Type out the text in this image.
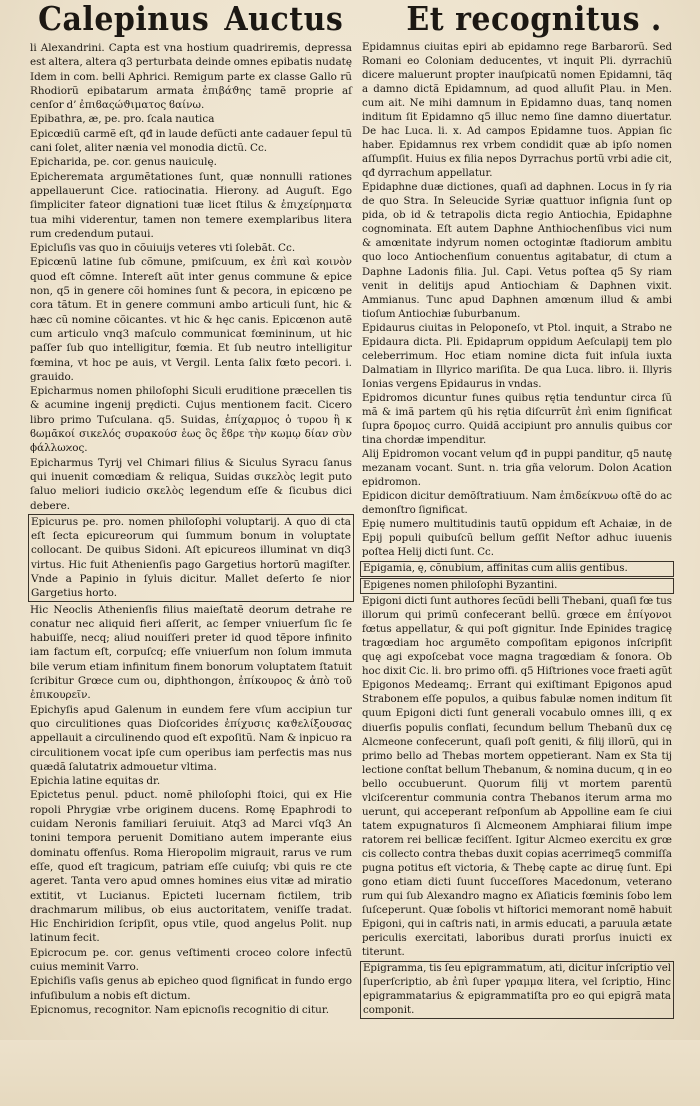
Calepinus Auctus Et recognitus .

li Alexandrini. Capta est vna hostium quadriremis, depressa est altera, altera q3 perturbata deinde omnes epibatis nudatę Idem in com. belli Aphrici. Remigum parte ex classe Gallo rũ Rhodiorũ epibatarum armata ἐπιβάϑης tamẽ proprie aſ cenſor d’ ἐπιϐαςώϑιματος ϐαίνω.

Epibathra, æ, pe. pro. ſcala nautica

Epicœdiũ carmẽ eſt, qđ in laude defũcti ante cadauer ſepul tũ cani ſolet, aliter nænia vel monodia dictũ. Cc.

Epicharida, pe. cor. genus nauiculę.

Epicheremata argumẽtationes ſunt, quæ nonnulli rationes appellauerunt Cice. ratiocinatia. Hierony. ad Auguſt. Ego ſimpliciter fateor dignationi tuæ licet ſtilus & ἐπιχείρηματα tua mihi viderentur, tamen non temere exemplaribus litera rum credendum putaui.

Epicluſis vas quo in cõuiuijs veteres vti ſolebãt. Cc.

Epicœnũ latine ſub cõmune, pmiſcuum, ex ἐπὶ καὶ κοινὸν quod eſt cõmne. Intereſt aũt inter genus commune & epice non, q5 in genere cõi homines ſunt & pecora, in epicœno pe cora tãtum. Et in genere communi ambo articuli ſunt, hic & hæc cũ nomine cõicantes. vt hic & hęc canis. Epicœnon autẽ cum articulo vnq3 maſculo communicat fœmininum, ut hic paſſer ſub quo intelligitur, fœmia. Et ſub neutro intelligitur fœmina, vt hoc pe auis, vt Vergil. Lenta ſalix fœto pecori. i. grauido.

Epicharmus nomen philoſophi Siculi eruditione præcellen tis & acumine ingenij prędicti. Cujus mentionem facit. Cicero libro primo Tuſculana. q5. Suidas, ἐπίχαρμος ὁ τυρου ἢ κ ϐωμᾶκοί σικελός συρακούσ ἑως ὃς ἔϐρε τὴν κωμῳ δίαν σὺν ϕάλλωϰος.

Epicharmus Tyrij vel Chimari filius & Siculus Syracu ſanus qui inuenit comœdiam & reliqua, Suidas σικελὸς legit puto ſaluo meliori iudicio σκελὸς legendum eſſe & ſicubus dici debere.

Epicurus pe. pro. nomen philoſophi voluptarij. A quo di cta eſt ſecta epicureorum qui ſummum bonum in voluptate collocant. De quibus Sidoni. Aſt epicureos illuminat vn diq3 virtus. Hic fuit Athenienſis pago Gargetius hortorũ magiſter. Vnde a Papinio in ſyluis dicitur. Mallet deſerto ſe nior Gargetius horto.

Hic Neoclis Athenienſis filius maieſtatẽ deorum detrahe re conatur nec aliquid fieri aſſerit, ac ſemper vniuerſum ſic ſe habuiſſe, necq; aliud nouiſſeri preter id quod tẽpore infinito iam factum eſt, corpuſcq; eſſe vniuerſum non ſolum immuta bile verum etiam infinitum finem bonorum voluptatem ſtatuit ſcribitur Grœce cum ou, diphthongon, ἐπίκουρος & ἀπὸ τοῦ ἐπικουρεῖν.

Epichyſis apud Galenum in eundem fere vſum accipiun tur quo circulitiones quas Dioſcorides ἐπίχυσις καϑελίξουσας appellauit a circulinendo quod eſt expoſitũ. Nam & inpicuo ra circulitionem vocat ipſe cum operibus iam perfectis mas nus quædã ſalutatrix admouetur vltima.

Epichia latine equitas dr.

Epictetus penul. pduct. nomẽ philoſophi ſtoici, qui ex Hie ropoli Phrygiæ vrbe originem ducens. Romę Epaphrodi to cuidam Neronis familiari ſeruiuit. Atq3 ad Marci vſq3 An tonini tempora peruenit Domitiano autem imperante eius dominatu offenſus. Roma Hieropolim migrauit, rarus ve rum eſſe, quod eſt tragicum, patriam eſſe cuiuſq; vbi quis re cte ageret. Tanta vero apud omnes homines eius vitæ ad miratio extitit, vt Lucianus. Epicteti lucernam fictilem, trib drachmarum milibus, ob eius auctoritatem, veniſſe tradat. Hic Enchiridion ſcripſit, opus vtile, quod angelus Polit. nup latinum fecit.

Epicrocum pe. cor. genus veſtimenti croceo colore infectũ cuius meminit Varro.

Epichiſis vaſis genus ab epicheo quod ſignificat in fundo ergo infuſibulum a nobis eſt dictum.

Epicnomus, recognitor. Nam epicnoſis recognitio di citur.

Epidamnus ciuitas epiri ab epidamno rege Barbarorũ. Sed Romani eo Coloniam deducentes, vt inquit Pli. dyrrachiũ dicere maluerunt propter inauſpicatũ nomen Epidamni, tãq a damno dictã Epidamnum, ad quod alluſit Plau. in Men. cum ait. Ne mihi damnum in Epidamno duas, tanq nomen inditum ſit Epidamno q5 illuc nemo ſine damno diuertatur. De hac Luca. li. x. Ad campos Epidamne tuos. Appian ſic haber. Epidamnus rex vrbem condidit quæ ab ipſo nomen aſſumpſit. Huius ex filia nepos Dyrrachus portũ vrbi adie cit, qđ dyrrachum appellatur.

Epidaphne duæ dictiones, quaſi ad daphnen. Locus in ſy ria de quo Stra. In Seleucide Syriæ quattuor inſignia ſunt op pida, ob id & tetrapolis dicta regio Antiochia, Epidaphne cognominata. Eſt autem Daphne Anthiochenſibus vici num & amœnitate indyrum nomen octogintæ ſtadiorum ambitu quo loco Antiochenſium conuentus agitabatur, di ctum a Daphne Ladonis filia. Jul. Capi. Vetus poſtea q5 Sy riam venit in delitijs apud Antiochiam & Daphnen vixit. Ammianus. Tunc apud Daphnen amœnum illud & ambi tioſum Antiochiæ ſuburbanum.

Epidaurus ciuitas in Peloponeſo, vt Ptol. inquit, a Strabo ne Epidaura dicta. Pli. Epidaprum oppidum Aeſculapij tem plo celeberrimum. Hoc etiam nomine dicta fuit inſula iuxta Dalmatiam in Illyrico mariſita. De qua Luca. libro. ii. Illyris Ionias vergens Epidaurus in vndas.

Epidromos dicuntur funes quibus rętia tenduntur circa ſũ mã & imã partem qũ his rętia diſcurrũt ἐπὶ enim ſignificat ſupra δρομος curro. Quidã accipiunt pro annulis quibus cor tina chordæ impenditur.

Alij Epidromon vocant velum qđ in puppi panditur, q5 nautę mezanam vocant. Sunt. n. tria gña velorum. Dolon Acation epidromon.

Epidicon dicitur demõſtratiuum. Nam ἐπιδείκνυω oſtẽ do ac demonſtro ſignificat.

Epię numero multitudinis tautũ oppidum eſt Achaiæ, in de Epij populi quibuſcũ bellum geſſit Neſtor adhuc iuuenis poſtea Helij dicti ſunt. Cc.

Epigamia, ę, cõnubium, affinitas cum aliis gentibus.

Epigenes nomen philoſophi Byzantini.

Epigoni dicti ſunt authores ſecũdi belli Thebani, quaſi fœ tus illorum qui primũ confecerant bellũ. grœce em ἐπίγονοι fœtus appellatur, & qui poſt gignitur. Inde Epinides tragicę tragœdiam hoc argumẽto compoſitam epigonos inſcripſit quę agi expoſcebat voce magna tragœdiam & ſonora. Ob hoc dixit Cic. li. bro primo offi. q5 Hiſtriones voce fraeti agũt Epigonos Medeamq;. Errant qui exiſtimant Epigonos apud Strabonem eſſe populos, a quibus fabulæ nomen inditum ſit quum Epigoni dicti ſunt generali vocabulo omnes illi, q ex diuerſis populis conflati, ſecundum bellum Thebanũ dux cę Alcmeone confecerunt, quaſi poſt geniti, & filij illorũ, qui in primo bello ad Thebas mortem oppetierant. Nam ex Sta tij lectione conſtat bellum Thebanum, & nomina ducum, q in eo bello occubuerunt. Quorum filij vt mortem parentũ vlciſcerentur communia contra Thebanos iterum arma mo uerunt, qui acceperant reſponſum ab Appolline eam ſe ciui tatem expugnaturos ſi Alcmeonem Amphiarai filium impe ratorem rei bellicæ feciſſent. Igitur Alcmeo exercitu ex grœ cis collecto contra thebas duxit copias acerrimeq5 commiſſa pugna potitus eſt victoria, & Thebę capte ac diruę ſunt. Epi gono etiam dicti ſuunt ſucceſſores Macedonum, veterano rum qui ſub Alexandro magno ex Aſiaticis fœminis ſobo lem ſuſceperunt. Quæ ſobolis vt hiſtorici memorant nomẽ habuit Epigoni, qui in caſtris nati, in armis educati, a paruula ætate periculis exercitati, laboribus durati prorſus inuicti ex titerunt.

Epigramma, tis ſeu epigrammatum, ati, dicitur inſcriptio vel ſuperſcriptio, ab ἐπὶ ſuper γραμμα litera, vel ſcriptio, Hinc epigrammatarius & epigrammatiſta pro eo qui epigrã mata componit.
